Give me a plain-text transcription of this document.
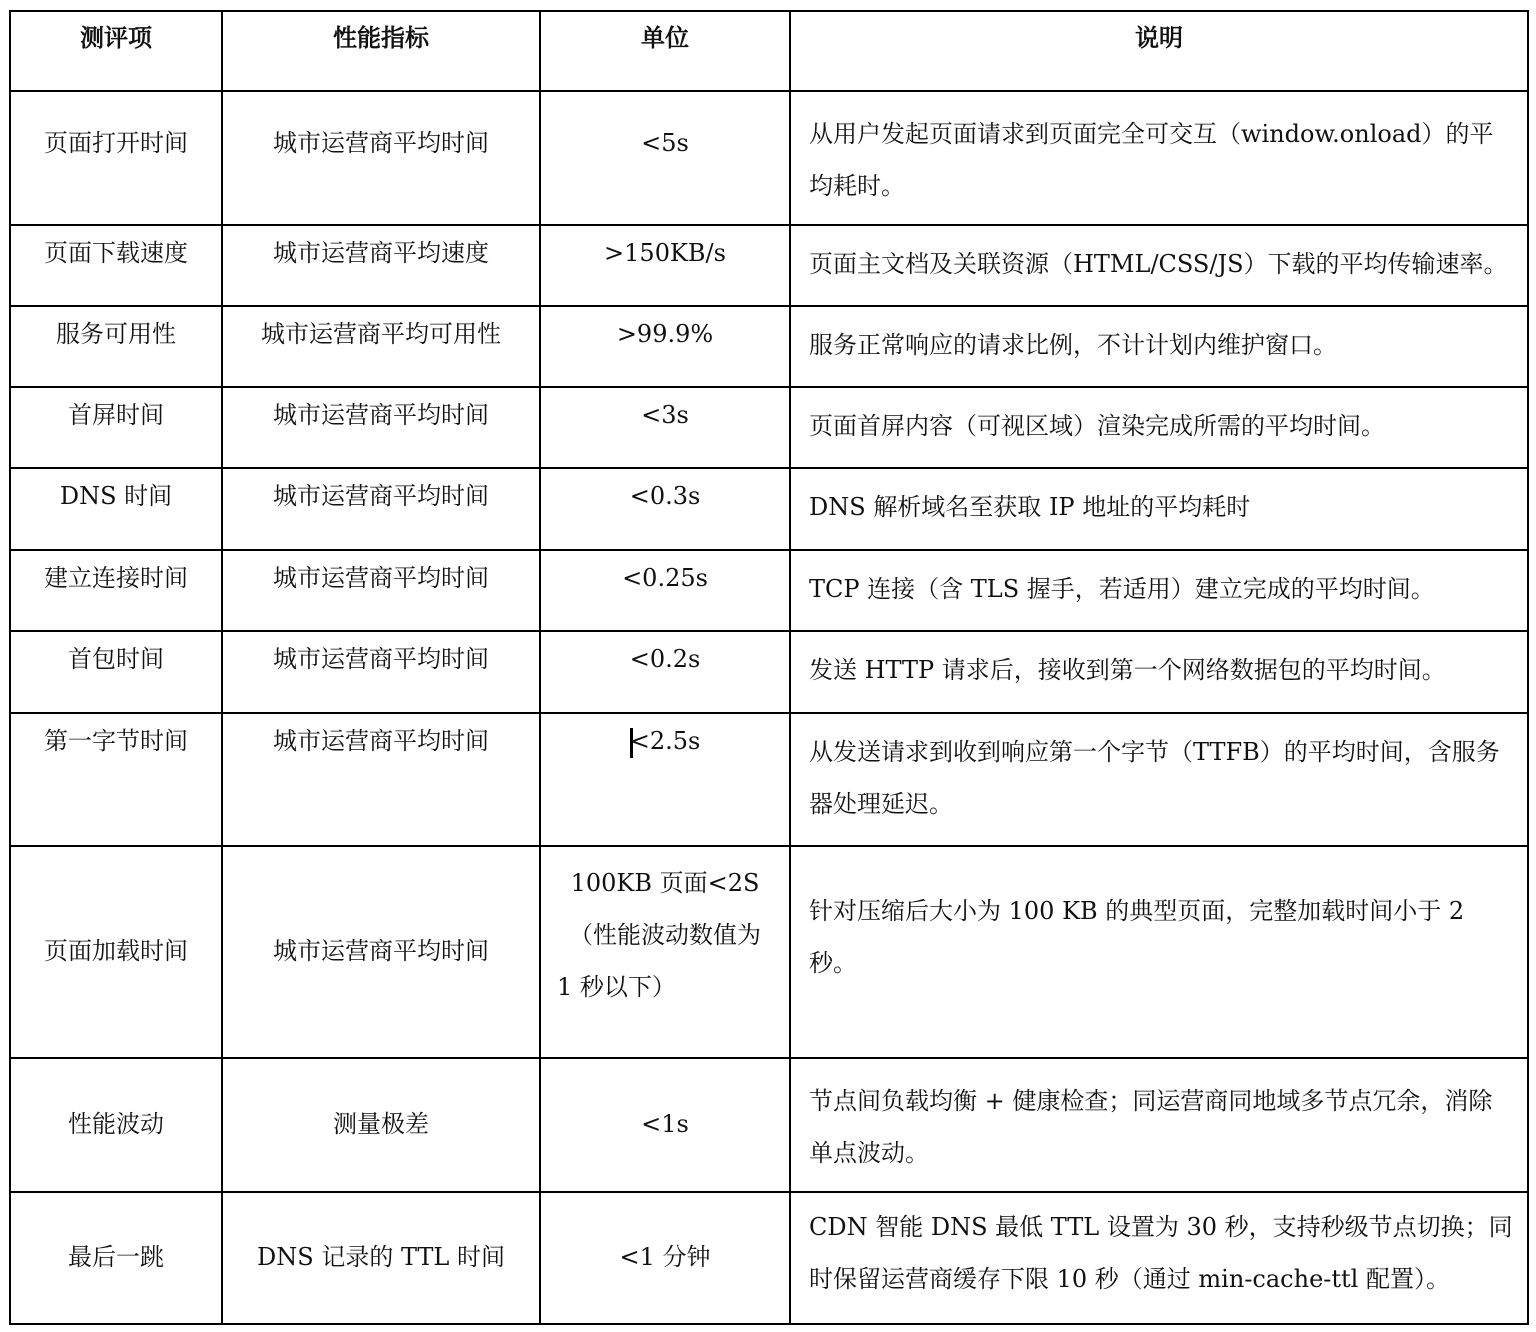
测评项	性能指标	单位	说明
页面打开时间	城市运营商平均时间	<5s	从用户发起页面请求到页面完全可交互（window.onload）的平均耗时。
页面下载速度	城市运营商平均速度	>150KB/s	页面主文档及关联资源（HTML/CSS/JS）下载的平均传输速率。
服务可用性	城市运营商平均可用性	>99.9%	服务正常响应的请求比例，不计计划内维护窗口。
首屏时间	城市运营商平均时间	<3s	页面首屏内容（可视区域）渲染完成所需的平均时间。
DNS 时间	城市运营商平均时间	<0.3s	DNS 解析域名至获取 IP 地址的平均耗时
建立连接时间	城市运营商平均时间	<0.25s	TCP 连接（含 TLS 握手，若适用）建立完成的平均时间。
首包时间	城市运营商平均时间	<0.2s	发送 HTTP 请求后，接收到第一个网络数据包的平均时间。
第一字节时间	城市运营商平均时间	<2.5s	从发送请求到收到响应第一个字节（TTFB）的平均时间，含服务器处理延迟。
页面加载时间	城市运营商平均时间	100KB 页面<2S
（性能波动数值为
1 秒以下）	针对压缩后大小为 100 KB 的典型页面，完整加载时间小于 2 秒。
性能波动	测量极差	<1s	节点间负载均衡 + 健康检查；同运营商同地域多节点冗余，消除单点波动。
最后一跳	DNS 记录的 TTL 时间	<1 分钟	CDN 智能 DNS 最低 TTL 设置为 30 秒，支持秒级节点切换；同时保留运营商缓存下限 10 秒（通过 min-cache-ttl 配置）。
